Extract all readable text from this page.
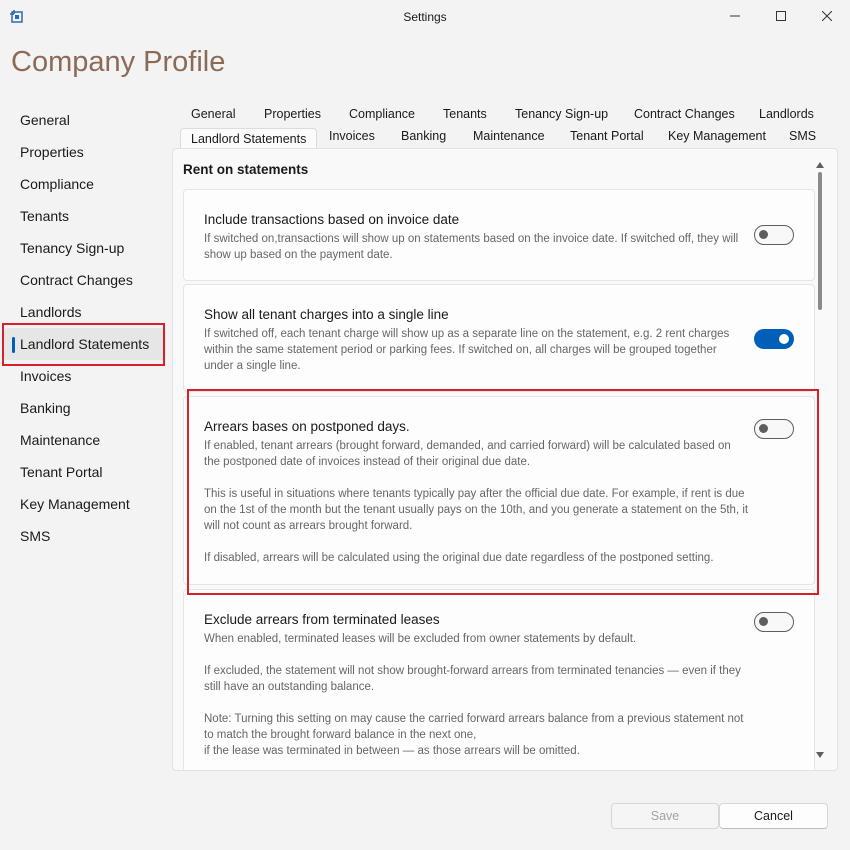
Settings
Company Profile
General
Properties
Compliance
Tenants
Tenancy Sign-up
Contract Changes
Landlords
Landlord Statements
Invoices
Banking
Maintenance
Tenant Portal
Key Management
SMS
General Properties Compliance Tenants Tenancy Sign-up Contract Changes Landlords
Landlord Statements	Invoices Banking Maintenance Tenant Portal Key Management SMS
Rent on statements
Include transactions based on invoice date

If switched on,transactions will show up on statements based on the invoice date. If switched off, they will show up based on the payment date.

Show all tenant charges into a single line

If switched off, each tenant charge will show up as a separate line on the statement, e.g. 2 rent charges within the same statement period or parking fees. If switched on, all charges will be grouped together under a single line.

Arrears bases on postponed days.

If enabled, tenant arrears (brought forward, demanded, and carried forward) will be calculated based on the postponed date of invoices instead of their original due date.

This is useful in situations where tenants typically pay after the official due date. For example, if rent is due on the 1st of the month but the tenant usually pays on the 10th, and you generate a statement on the 5th, it will not count as arrears brought forward.

If disabled, arrears will be calculated using the original due date regardless of the postponed setting.

Exclude arrears from terminated leases

When enabled, terminated leases will be excluded from owner statements by default.

If excluded, the statement will not show brought-forward arrears from terminated tenancies — even if they still have an outstanding balance.

Note: Turning this setting on may cause the carried forward arrears balance from a previous statement not to match the brought forward balance in the next one,
if the lease was terminated in between — as those arrears will be omitted.

Save	Cancel
